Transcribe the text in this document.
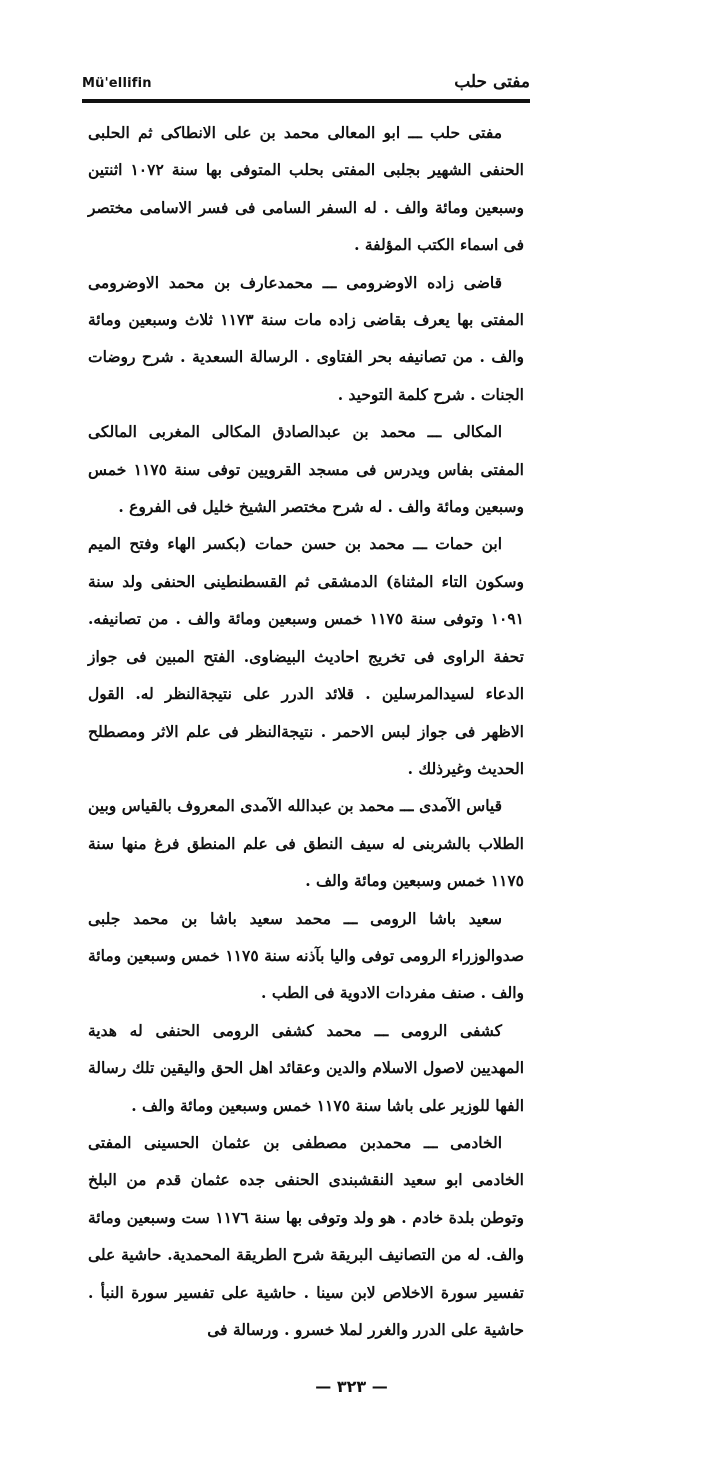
Mü'ellifin	مفتى حلب

مفتى حلب ـــ ابو المعالى محمد بن على الانطاكى ثم الحلبى الحنفى الشهير بجلبى المفتى بحلب المتوفى بها سنة ١٠٧٢ اثنتين وسبعين ومائة والف . له السفر السامى فى فسر الاسامى مختصر فى اسماء الكتب المؤلفة .

قاضى زاده الاوضرومى ـــ محمدعارف بن محمد الاوضرومى المفتى بها يعرف بقاضى زاده مات سنة ١١٧٣ ثلاث وسبعين ومائة والف . من تصانيفه بحر الفتاوى . الرسالة السعدية . شرح روضات الجنات . شرح كلمة التوحيد .

المكالى ـــ محمد بن عبدالصادق المكالى المغربى المالكى المفتى بفاس ويدرس فى مسجد القرويين توفى سنة ١١٧٥ خمس وسبعين ومائة والف . له شرح مختصر الشيخ خليل فى الفروع .

ابن حمات ـــ محمد بن حسن حمات (بكسر الهاء وفتح الميم وسكون التاء المثناة) الدمشقى ثم القسطنطينى الحنفى ولد سنة ١٠٩١ وتوفى سنة ١١٧٥ خمس وسبعين ومائة والف . من تصانيفه. تحفة الراوى فى تخريج احاديث البيضاوى. الفتح المبين فى جواز الدعاء لسيدالمرسلين . قلائد الدرر على نتيجةالنظر له. القول الاظهر فى جواز لبس الاحمر . نتيجةالنظر فى علم الاثر ومصطلح الحديث وغيرذلك .

قياس الآمدى ـــ محمد بن عبدالله الآمدى المعروف بالقياس وبين الطلاب بالشربنى له سيف النطق فى علم المنطق فرغ منها سنة ١١٧٥ خمس وسبعين ومائة والف .

سعيد باشا الرومى ـــ محمد سعيد باشا بن محمد جلبى صدوالوزراء الرومى توفى واليا بآذنه سنة ١١٧٥ خمس وسبعين ومائة والف . صنف مفردات الادوية فى الطب .

كشفى الرومى ـــ محمد كشفى الرومى الحنفى له هدية المهديين لاصول الاسلام والدين وعقائد اهل الحق واليقين تلك رسالة الفها للوزير على باشا سنة ١١٧٥ خمس وسبعين ومائة والف .

الخادمى ـــ محمدبن مصطفى بن عثمان الحسينى المفتى الخادمى ابو سعيد النقشبندى الحنفى جده عثمان قدم من البلخ وتوطن بلدة خادم . هو ولد وتوفى بها سنة ١١٧٦ ست وسبعين ومائة والف. له من التصانيف البريقة شرح الطريقة المحمدية. حاشية على تفسير سورة الاخلاص لابن سينا . حاشية على تفسير سورة النبأ . حاشية على الدرر والغرر لملا خسرو . ورسالة فى

— ٣٢٣ —
